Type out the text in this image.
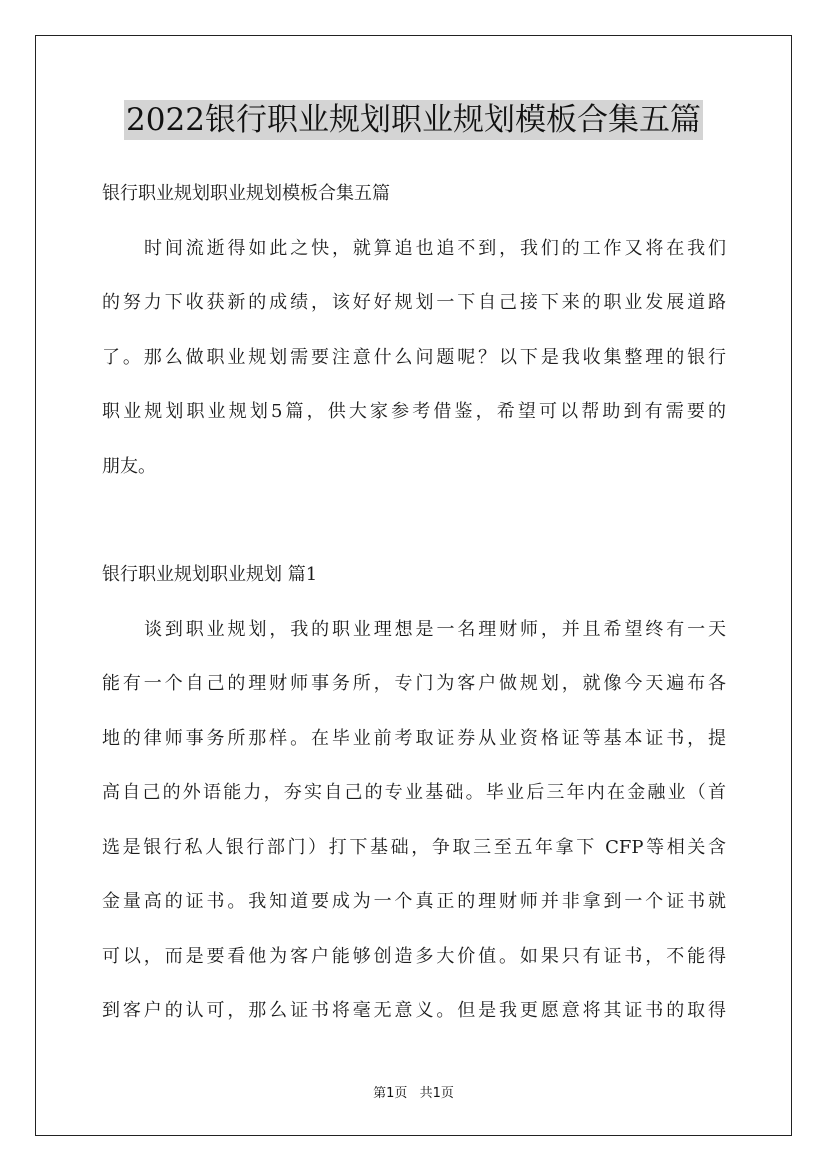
2022银行职业规划职业规划模板合集五篇
银行职业规划职业规划模板合集五篇
时间流逝得如此之快，就算追也追不到，我们的工作又将在我们
的努力下收获新的成绩，该好好规划一下自己接下来的职业发展道路
了。那么做职业规划需要注意什么问题呢？以下是我收集整理的银行
职业规划职业规划5篇，供大家参考借鉴，希望可以帮助到有需要的
朋友。
银行职业规划职业规划 篇1
谈到职业规划，我的职业理想是一名理财师，并且希望终有一天
能有一个自己的理财师事务所，专门为客户做规划，就像今天遍布各
地的律师事务所那样。在毕业前考取证券从业资格证等基本证书，提
高自己的外语能力，夯实自己的专业基础。毕业后三年内在金融业（首
选是银行私人银行部门）打下基础，争取三至五年拿下 CFP等相关含
金量高的证书。我知道要成为一个真正的理财师并非拿到一个证书就
可以，而是要看他为客户能够创造多大价值。如果只有证书，不能得
到客户的认可，那么证书将毫无意义。但是我更愿意将其证书的取得
第1页 共1页
